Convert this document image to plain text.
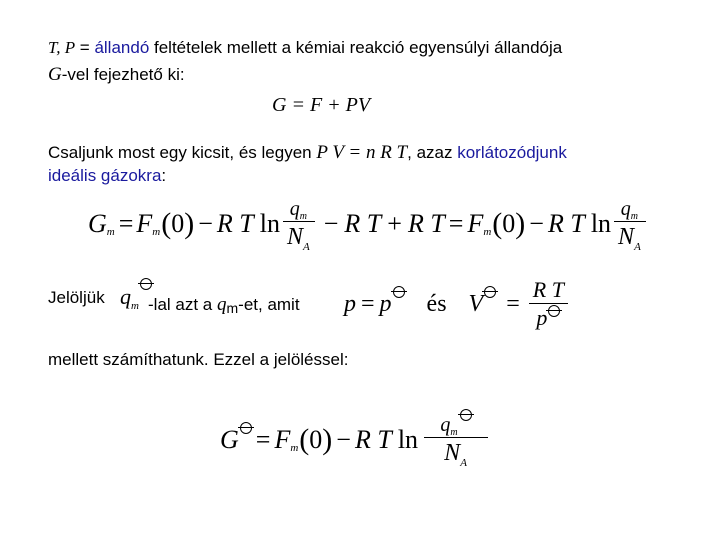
T, P = állandó feltételek mellett a kémiai reakció egyensúlyi állandója
G-vel fejezhető ki:
G = F + PV
Csaljunk most egy kicsit, és legyen P V = n R T, azaz korlátozódjunk
ideális gázokra:
G m = F m ( 0 ) − R T $\ln \frac{q_m}{N_A} - R$ T + R T = F m ( 0 ) − R T $\ln \frac{q_m}{N_A}$
Jelöljük $q_m$ -lal azt a qm-et, amit p = p és $V = \frac{\text{R T}}{p}$
mellett számíthatunk. Ezzel a jelöléssel:
G = F m ( 0 ) − R T $\ln \frac{q_m}{N_A}$
